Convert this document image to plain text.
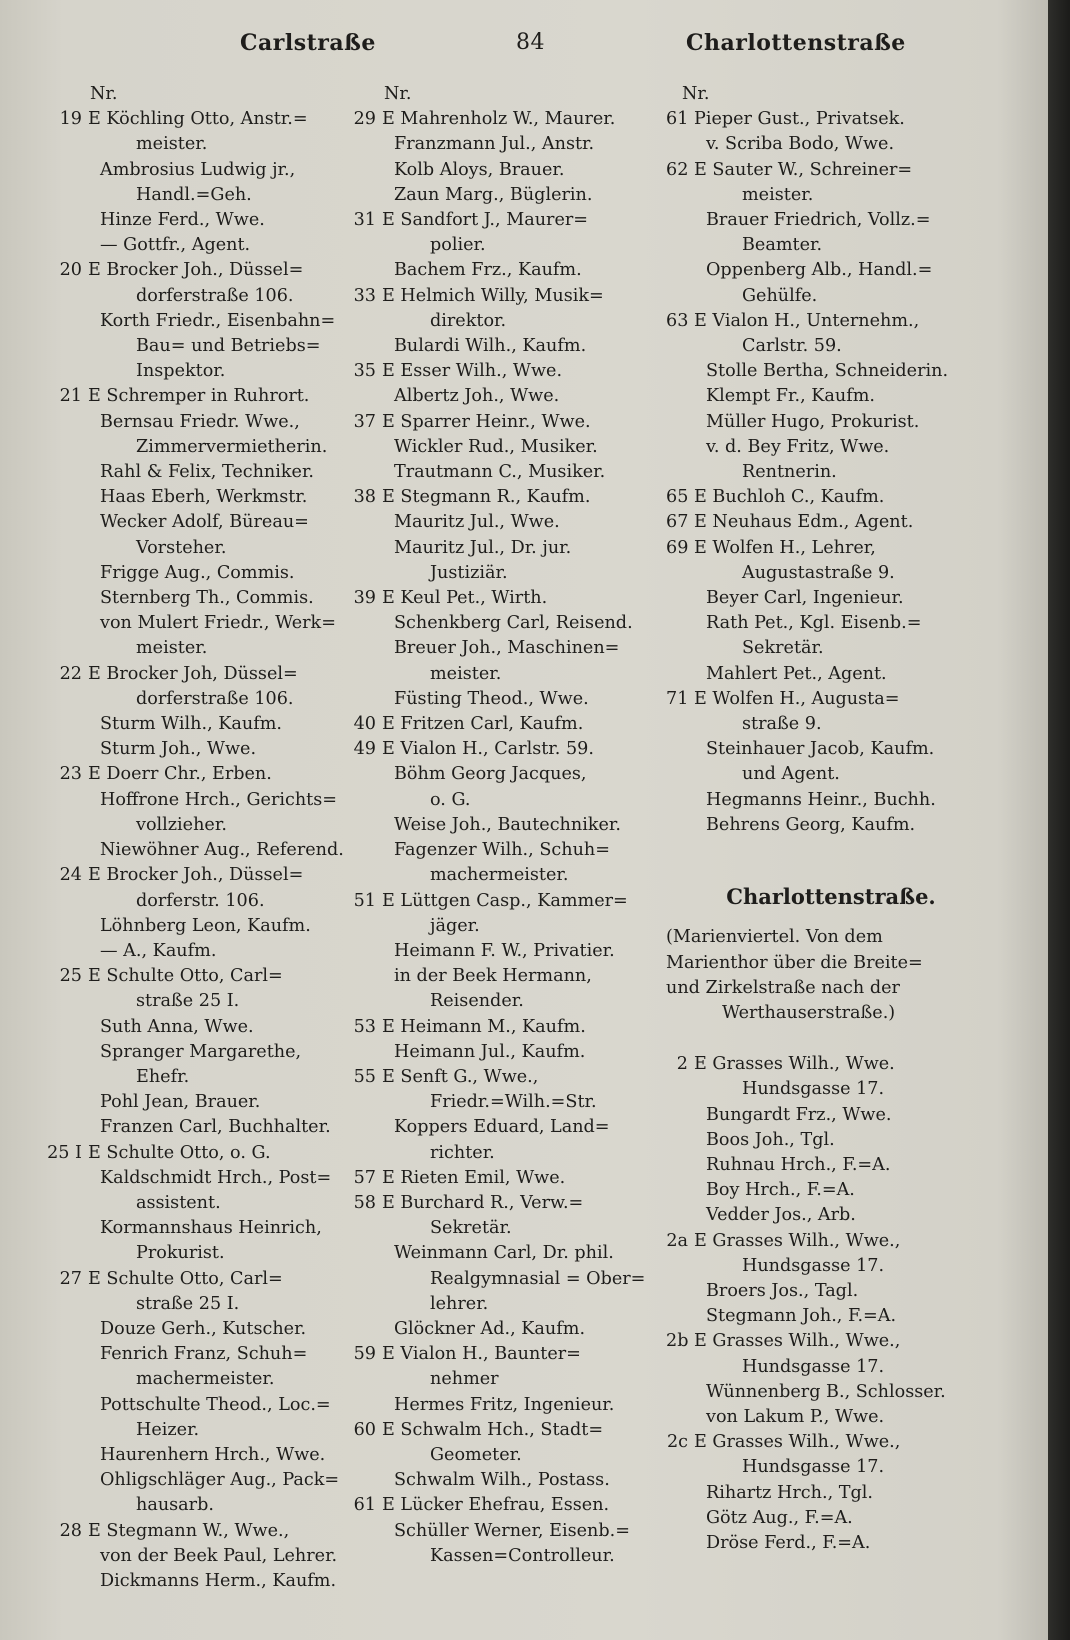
Carlstraße	84	Charlottenstraße
Nr.
19 E Köchling Otto, Anstr.=
meister.
Ambrosius Ludwig jr.,
Handl.=Geh.
Hinze Ferd., Wwe.
— Gottfr., Agent.
20 E Brocker Joh., Düssel=
dorferstraße 106.
Korth Friedr., Eisenbahn=
Bau= und Betriebs=
Inspektor.
21 E Schremper in Ruhrort.
Bernsau Friedr. Wwe.,
Zimmervermietherin.
Rahl & Felix, Techniker.
Haas Eberh, Werkmstr.
Wecker Adolf, Büreau=
Vorsteher.
Frigge Aug., Commis.
Sternberg Th., Commis.
von Mulert Friedr., Werk=
meister.
22 E Brocker Joh, Düssel=
dorferstraße 106.
Sturm Wilh., Kaufm.
Sturm Joh., Wwe.
23 E Doerr Chr., Erben.
Hoffrone Hrch., Gerichts=
vollzieher.
Niewöhner Aug., Referend.
24 E Brocker Joh., Düssel=
dorferstr. 106.
Löhnberg Leon, Kaufm.
— A., Kaufm.
25 E Schulte Otto, Carl=
straße 25 I.
Suth Anna, Wwe.
Spranger Margarethe,
Ehefr.
Pohl Jean, Brauer.
Franzen Carl, Buchhalter.
25 I E Schulte Otto, o. G.
Kaldschmidt Hrch., Post=
assistent.
Kormannshaus Heinrich,
Prokurist.
27 E Schulte Otto, Carl=
straße 25 I.
Douze Gerh., Kutscher.
Fenrich Franz, Schuh=
machermeister.
Pottschulte Theod., Loc.=
Heizer.
Haurenhern Hrch., Wwe.
Ohligschläger Aug., Pack=
hausarb.
28 E Stegmann W., Wwe.,
von der Beek Paul, Lehrer.
Dickmanns Herm., Kaufm.
Nr.
29 E Mahrenholz W., Maurer.
Franzmann Jul., Anstr.
Kolb Aloys, Brauer.
Zaun Marg., Büglerin.
31 E Sandfort J., Maurer=
polier.
Bachem Frz., Kaufm.
33 E Helmich Willy, Musik=
direktor.
Bulardi Wilh., Kaufm.
35 E Esser Wilh., Wwe.
Albertz Joh., Wwe.
37 E Sparrer Heinr., Wwe.
Wickler Rud., Musiker.
Trautmann C., Musiker.
38 E Stegmann R., Kaufm.
Mauritz Jul., Wwe.
Mauritz Jul., Dr. jur.
Justiziär.
39 E Keul Pet., Wirth.
Schenkberg Carl, Reisend.
Breuer Joh., Maschinen=
meister.
Füsting Theod., Wwe.
40 E Fritzen Carl, Kaufm.
49 E Vialon H., Carlstr. 59.
Böhm Georg Jacques,
o. G.
Weise Joh., Bautechniker.
Fagenzer Wilh., Schuh=
machermeister.
51 E Lüttgen Casp., Kammer=
jäger.
Heimann F. W., Privatier.
in der Beek Hermann,
Reisender.
53 E Heimann M., Kaufm.
Heimann Jul., Kaufm.
55 E Senft G., Wwe.,
Friedr.=Wilh.=Str.
Koppers Eduard, Land=
richter.
57 E Rieten Emil, Wwe.
58 E Burchard R., Verw.=
Sekretär.
Weinmann Carl, Dr. phil.
Realgymnasial = Ober=
lehrer.
Glöckner Ad., Kaufm.
59 E Vialon H., Baunter=
nehmer
Hermes Fritz, Ingenieur.
60 E Schwalm Hch., Stadt=
Geometer.
Schwalm Wilh., Postass.
61 E Lücker Ehefrau, Essen.
Schüller Werner, Eisenb.=
Kassen=Controlleur.
Nr.
61 Pieper Gust., Privatsek.
v. Scriba Bodo, Wwe.
62 E Sauter W., Schreiner=
meister.
Brauer Friedrich, Vollz.=
Beamter.
Oppenberg Alb., Handl.=
Gehülfe.
63 E Vialon H., Unternehm.,
Carlstr. 59.
Stolle Bertha, Schneiderin.
Klempt Fr., Kaufm.
Müller Hugo, Prokurist.
v. d. Bey Fritz, Wwe.
Rentnerin.
65 E Buchloh C., Kaufm.
67 E Neuhaus Edm., Agent.
69 E Wolfen H., Lehrer,
Augustastraße 9.
Beyer Carl, Ingenieur.
Rath Pet., Kgl. Eisenb.=
Sekretär.
Mahlert Pet., Agent.
71 E Wolfen H., Augusta=
straße 9.
Steinhauer Jacob, Kaufm.
und Agent.
Hegmanns Heinr., Buchh.
Behrens Georg, Kaufm.
Charlottenstraße.
(Marienviertel. Von dem
Marienthor über die Breite=
und Zirkelstraße nach der
Werthauserstraße.)
2 E Grasses Wilh., Wwe.
Hundsgasse 17.
Bungardt Frz., Wwe.
Boos Joh., Tgl.
Ruhnau Hrch., F.=A.
Boy Hrch., F.=A.
Vedder Jos., Arb.
2a E Grasses Wilh., Wwe.,
Hundsgasse 17.
Broers Jos., Tagl.
Stegmann Joh., F.=A.
2b E Grasses Wilh., Wwe.,
Hundsgasse 17.
Wünnenberg B., Schlosser.
von Lakum P., Wwe.
2c E Grasses Wilh., Wwe.,
Hundsgasse 17.
Rihartz Hrch., Tgl.
Götz Aug., F.=A.
Dröse Ferd., F.=A.
